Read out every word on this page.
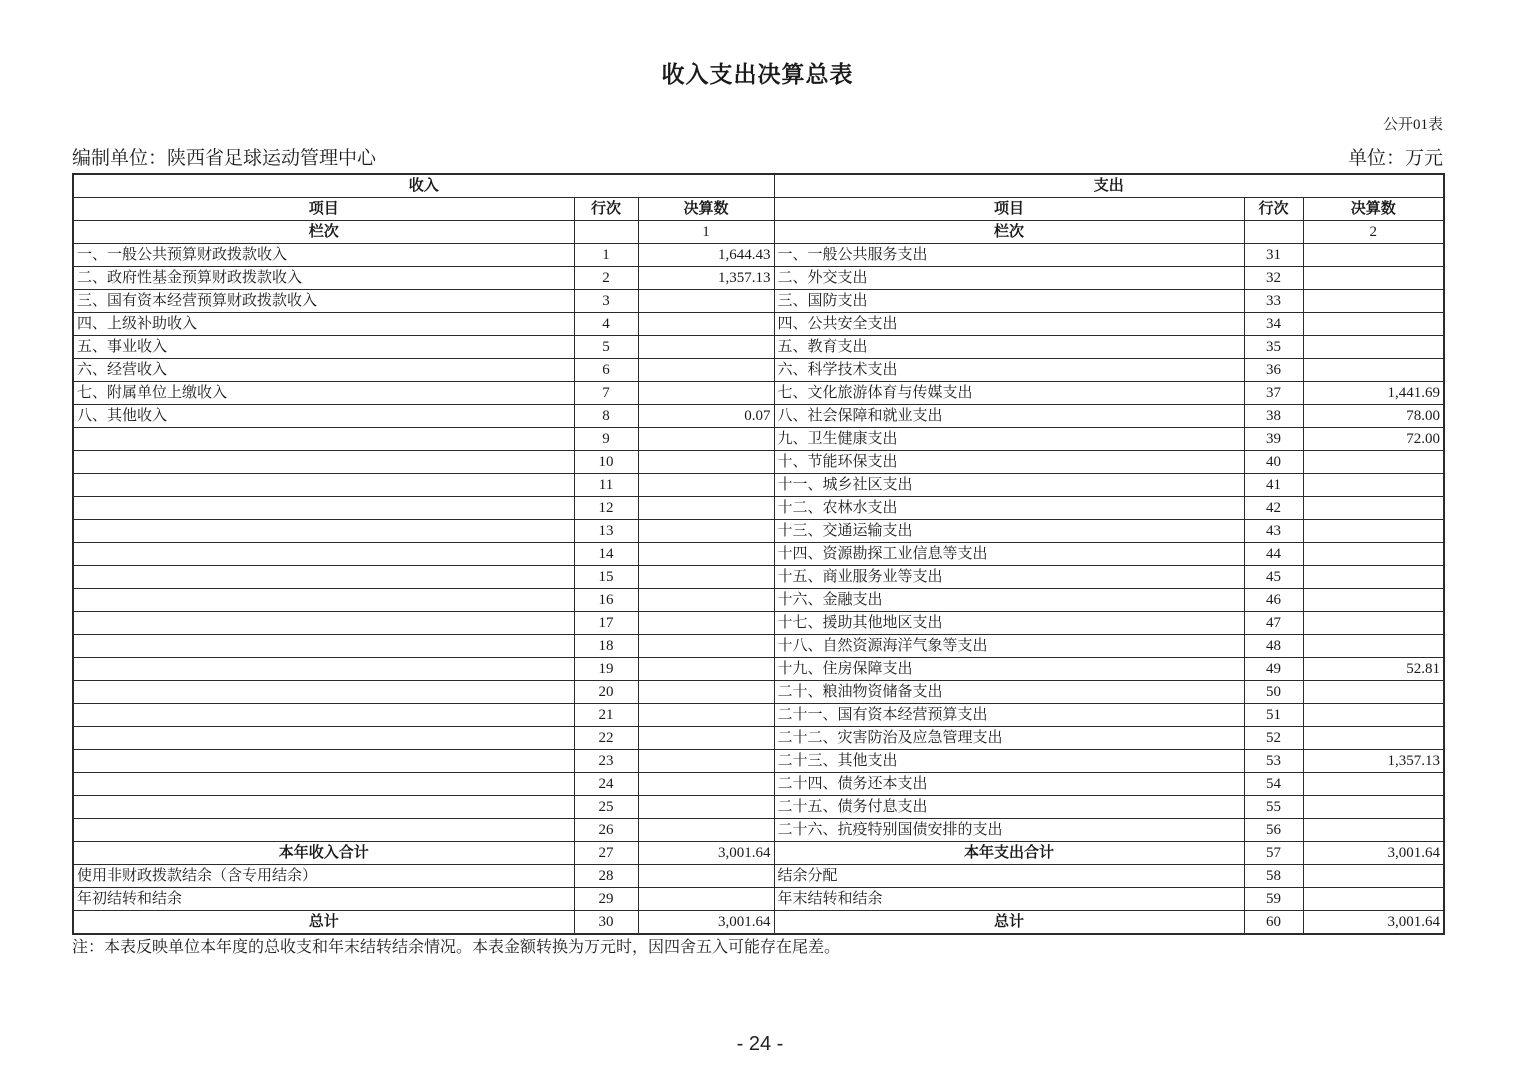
收入支出决算总表
公开01表
编制单位：陕西省足球运动管理中心	单位：万元
收入			支出		
项目	行次	决算数	项目	行次	决算数
栏次		1	栏次		2
一、一般公共预算财政拨款收入	1	1,644.43	一、一般公共服务支出	31	
二、政府性基金预算财政拨款收入	2	1,357.13	二、外交支出	32	
三、国有资本经营预算财政拨款收入	3		三、国防支出	33	
四、上级补助收入	4		四、公共安全支出	34	
五、事业收入	5		五、教育支出	35	
六、经营收入	6		六、科学技术支出	36	
七、附属单位上缴收入	7		七、文化旅游体育与传媒支出	37	1,441.69
八、其他收入	8	0.07	八、社会保障和就业支出	38	78.00
	9		九、卫生健康支出	39	72.00
	10		十、节能环保支出	40	
	11		十一、城乡社区支出	41	
	12		十二、农林水支出	42	
	13		十三、交通运输支出	43	
	14		十四、资源勘探工业信息等支出	44	
	15		十五、商业服务业等支出	45	
	16		十六、金融支出	46	
	17		十七、援助其他地区支出	47	
	18		十八、自然资源海洋气象等支出	48	
	19		十九、住房保障支出	49	52.81
	20		二十、粮油物资储备支出	50	
	21		二十一、国有资本经营预算支出	51	
	22		二十二、灾害防治及应急管理支出	52	
	23		二十三、其他支出	53	1,357.13
	24		二十四、债务还本支出	54	
	25		二十五、债务付息支出	55	
	26		二十六、抗疫特别国债安排的支出	56	
本年收入合计	27	3,001.64	本年支出合计	57	3,001.64
使用非财政拨款结余（含专用结余）	28		结余分配	58	
年初结转和结余	29		年末结转和结余	59	
总计	30	3,001.64	总计	60	3,001.64
注：本表反映单位本年度的总收支和年末结转结余情况。本表金额转换为万元时，因四舍五入可能存在尾差。
- 24 -
